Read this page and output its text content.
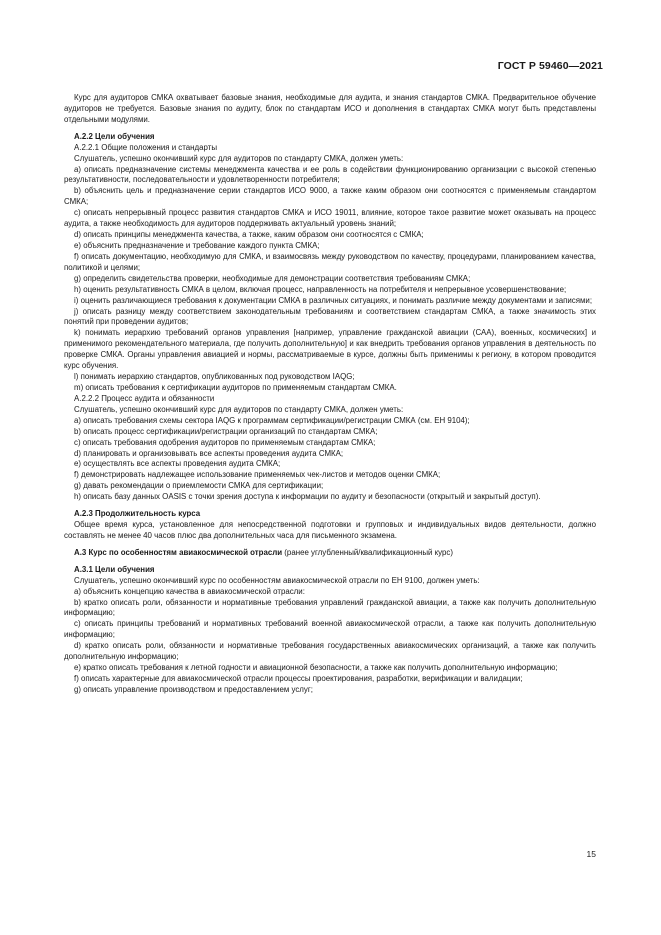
ГОСТ Р 59460—2021

Курс для аудиторов СМКА охватывает базовые знания, необходимые для аудита, и знания стандартов СМКА. Предварительное обучение аудиторов не требуется. Базовые знания по аудиту, блок по стандартам ИСО и дополнения в стандартах СМКА могут быть представлены отдельными модулями.

А.2.2 Цели обучения

А.2.2.1 Общие положения и стандарты

Слушатель, успешно окончивший курс для аудиторов по стандарту СМКА, должен уметь:

a) описать предназначение системы менеджмента качества и ее роль в содействии функционированию организации с высокой степенью результативности, последовательности и удовлетворенности потребителя;

b) объяснить цель и предназначение серии стандартов ИСО 9000, а также каким образом они соотносятся с применяемым стандартом СМКА;

c) описать непрерывный процесс развития стандартов СМКА и ИСО 19011, влияние, которое такое развитие может оказывать на процесс аудита, а также необходимость для аудиторов поддерживать актуальный уровень знаний;

d) описать принципы менеджмента качества, а также, каким образом они соотносятся с СМКА;

e) объяснить предназначение и требование каждого пункта СМКА;

f) описать документацию, необходимую для СМКА, и взаимосвязь между руководством по качеству, процедурами, планированием качества, политикой и целями;

g) определить свидетельства проверки, необходимые для демонстрации соответствия требованиям СМКА;

h) оценить результативность СМКА в целом, включая процесс, направленность на потребителя и непрерывное усовершенствование;

i) оценить различающиеся требования к документации СМКА в различных ситуациях, и понимать различие между документами и записями;

j) описать разницу между соответствием законодательным требованиям и соответствием стандартам СМКА, а также значимость этих понятий при проведении аудитов;

k) понимать иерархию требований органов управления [например, управление гражданской авиации (САА), военных, космических] и применимого рекомендательного материала, где получить дополнительную] и как внедрить требования органов управления в деятельность по проверке СМКА. Органы управления авиацией и нормы, рассматриваемые в курсе, должны быть применимы к региону, в котором проводится курс обучения.

l) понимать иерархию стандартов, опубликованных под руководством IAQG;

m) описать требования к сертификации аудиторов по применяемым стандартам СМКА.

А.2.2.2 Процесс аудита и обязанности

Слушатель, успешно окончивший курс для аудиторов по стандарту СМКА, должен уметь:

a) описать требования схемы сектора IAQG к программам сертификации/регистрации СМКА (см. ЕН 9104);

b) описать процесс сертификации/регистрации организаций по стандартам СМКА;

c) описать требования одобрения аудиторов по применяемым стандартам СМКА;

d) планировать и организовывать все аспекты проведения аудита СМКА;

e) осуществлять все аспекты проведения аудита СМКА;

f) демонстрировать надлежащее использование применяемых чек-листов и методов оценки СМКА;

g) давать рекомендации о приемлемости СМКА для сертификации;

h) описать базу данных OASIS с точки зрения доступа к информации по аудиту и безопасности (открытый и закрытый доступ).

А.2.3 Продолжительность курса

Общее время курса, установленное для непосредственной подготовки и групповых и индивидуальных видов деятельности, должно составлять не менее 40 часов плюс два дополнительных часа для письменного экзамена.

А.3 Курс по особенностям авиакосмической отрасли (ранее углубленный/квалификационный курс)

А.3.1 Цели обучения

Слушатель, успешно окончивший курс по особенностям авиакосмической отрасли по ЕН 9100, должен уметь:

a) объяснить концепцию качества в авиакосмической отрасли:

b) кратко описать роли, обязанности и нормативные требования управлений гражданской авиации, а также как получить дополнительную информацию;

c) описать принципы требований и нормативных требований военной авиакосмической отрасли, а также как получить дополнительную информацию;

d) кратко описать роли, обязанности и нормативные требования государственных авиакосмических организаций, а также как получить дополнительную информацию;

e) кратко описать требования к летной годности и авиационной безопасности, а также как получить дополнительную информацию;

f) описать характерные для авиакосмической отрасли процессы проектирования, разработки, верификации и валидации;

g) описать управление производством и предоставлением услуг;

15
